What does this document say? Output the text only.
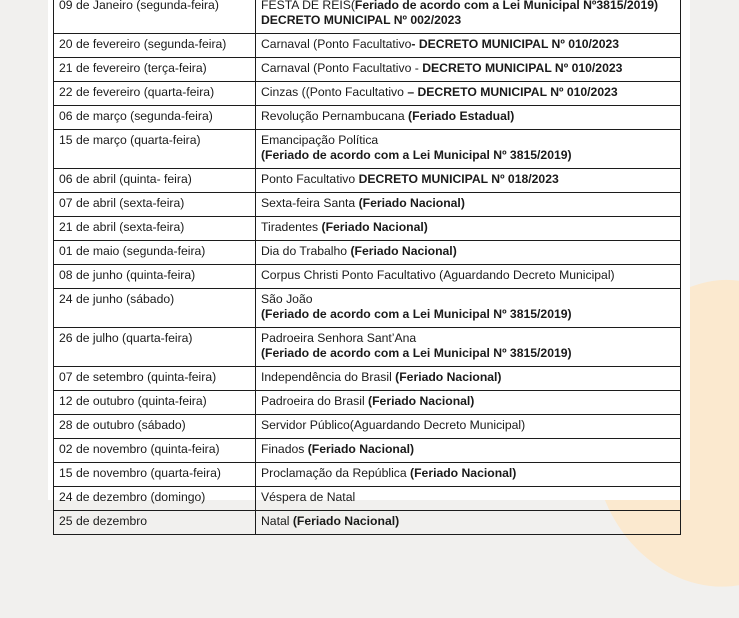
09 de Janeiro (segunda-feira)	FESTA DE REIS(Feriado de acordo com a Lei Municipal Nº3815/2019)
DECRETO MUNICIPAL Nº 002/2023

20 de fevereiro (segunda-feira)	Carnaval (Ponto Facultativo- DECRETO MUNICIPAL Nº 010/2023

21 de fevereiro (terça-feira)	Carnaval (Ponto Facultativo - DECRETO MUNICIPAL Nº 010/2023

22 de fevereiro (quarta-feira)	Cinzas ((Ponto Facultativo – DECRETO MUNICIPAL Nº 010/2023

06 de março (segunda-feira)	Revolução Pernambucana (Feriado Estadual)

15 de março (quarta-feira)	Emancipação Política
(Feriado de acordo com a Lei Municipal Nº 3815/2019)

06 de abril (quinta- feira)	Ponto Facultativo DECRETO MUNICIPAL Nº 018/2023

07 de abril (sexta-feira)	Sexta-feira Santa (Feriado Nacional)

21 de abril (sexta-feira)	Tiradentes (Feriado Nacional)

01 de maio (segunda-feira)	Dia do Trabalho (Feriado Nacional)

08 de junho (quinta-feira)	Corpus Christi Ponto Facultativo (Aguardando Decreto Municipal)

24 de junho (sábado)	São João
(Feriado de acordo com a Lei Municipal Nº 3815/2019)

26 de julho (quarta-feira)	Padroeira Senhora Sant’Ana
(Feriado de acordo com a Lei Municipal Nº 3815/2019)

07 de setembro (quinta-feira)	Independência do Brasil (Feriado Nacional)

12 de outubro (quinta-feira)	Padroeira do Brasil (Feriado Nacional)

28 de outubro (sábado)	Servidor Público(Aguardando Decreto Municipal)

02 de novembro (quinta-feira)	Finados (Feriado Nacional)

15 de novembro (quarta-feira)	Proclamação da República (Feriado Nacional)

24 de dezembro (domingo)	Véspera de Natal

25 de dezembro	Natal (Feriado Nacional)
